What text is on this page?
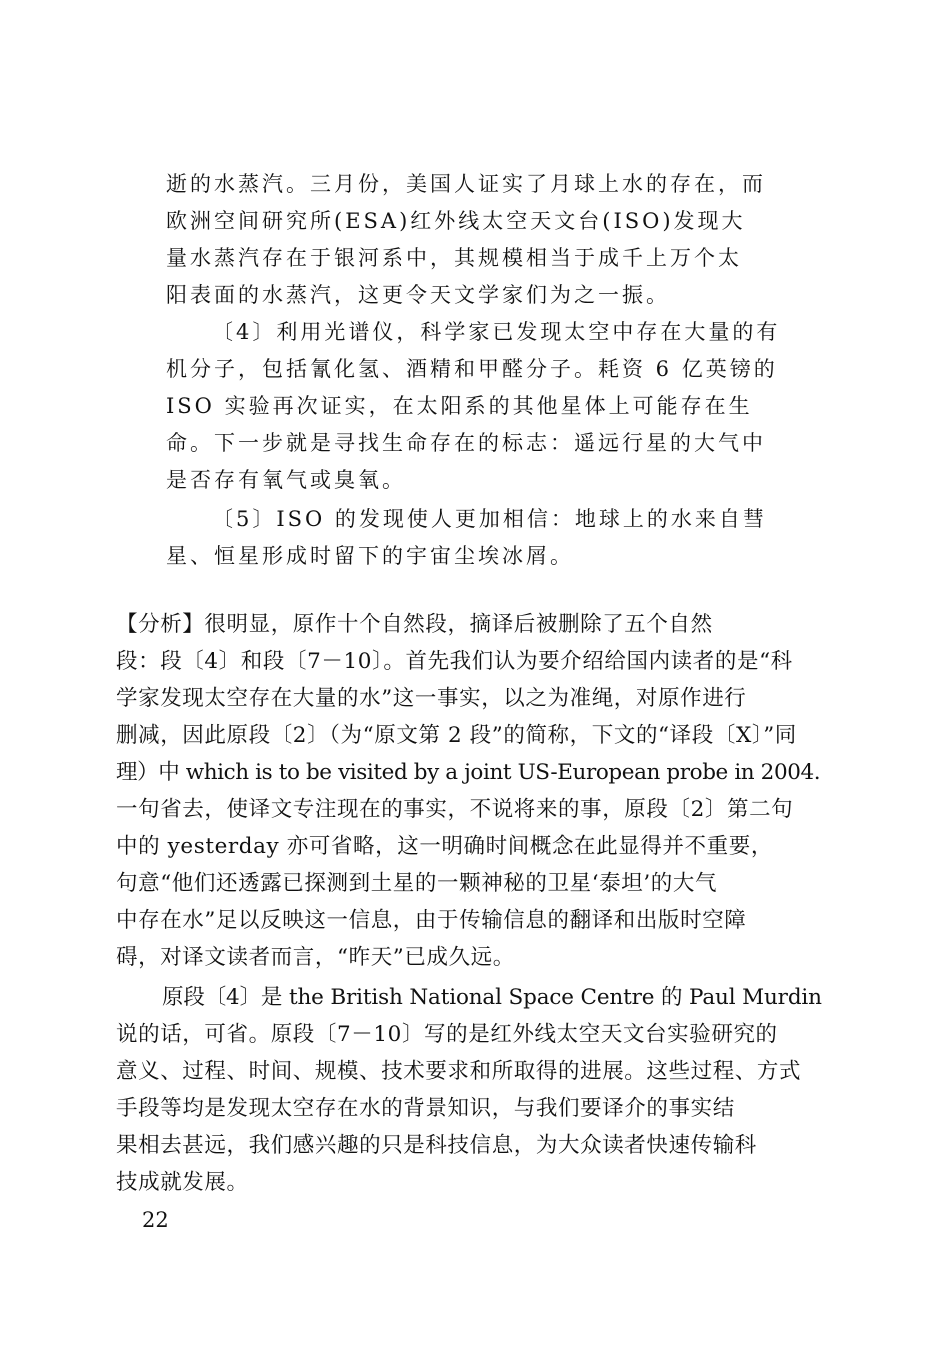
逝的水蒸汽。三月份，美国人证实了月球上水的存在，而
欧洲空间研究所(ESA)红外线太空天文台(ISO)发现大
量水蒸汽存在于银河系中，其规模相当于成千上万个太
阳表面的水蒸汽，这更令天文学家们为之一振。
〔4〕利用光谱仪，科学家已发现太空中存在大量的有
机分子，包括氰化氢、酒精和甲醛分子。耗资 6 亿英镑的
ISO 实验再次证实，在太阳系的其他星体上可能存在生
命。下一步就是寻找生命存在的标志：遥远行星的大气中
是否存有氧气或臭氧。
〔5〕ISO 的发现使人更加相信：地球上的水来自彗
星、恒星形成时留下的宇宙尘埃冰屑。
【分析】很明显，原作十个自然段，摘译后被删除了五个自然
段：段〔4〕和段〔7－10〕。首先我们认为要介绍给国内读者的是“科
学家发现太空存在大量的水”这一事实，以之为准绳，对原作进行
删减，因此原段〔2〕（为“原文第 2 段”的简称，下文的“译段〔X〕”同
理）中 which is to be visited by a joint US-European probe in 2004.
一句省去，使译文专注现在的事实，不说将来的事，原段〔2〕第二句
中的 yesterday 亦可省略，这一明确时间概念在此显得并不重要，
句意“他们还透露已探测到土星的一颗神秘的卫星‘泰坦’的大气
中存在水”足以反映这一信息，由于传输信息的翻译和出版时空障
碍，对译文读者而言，“昨天”已成久远。
原段〔4〕是 the British National Space Centre 的 Paul Murdin
说的话，可省。原段〔7－10〕写的是红外线太空天文台实验研究的
意义、过程、时间、规模、技术要求和所取得的进展。这些过程、方式
手段等均是发现太空存在水的背景知识，与我们要译介的事实结
果相去甚远，我们感兴趣的只是科技信息，为大众读者快速传输科
技成就发展。
22
